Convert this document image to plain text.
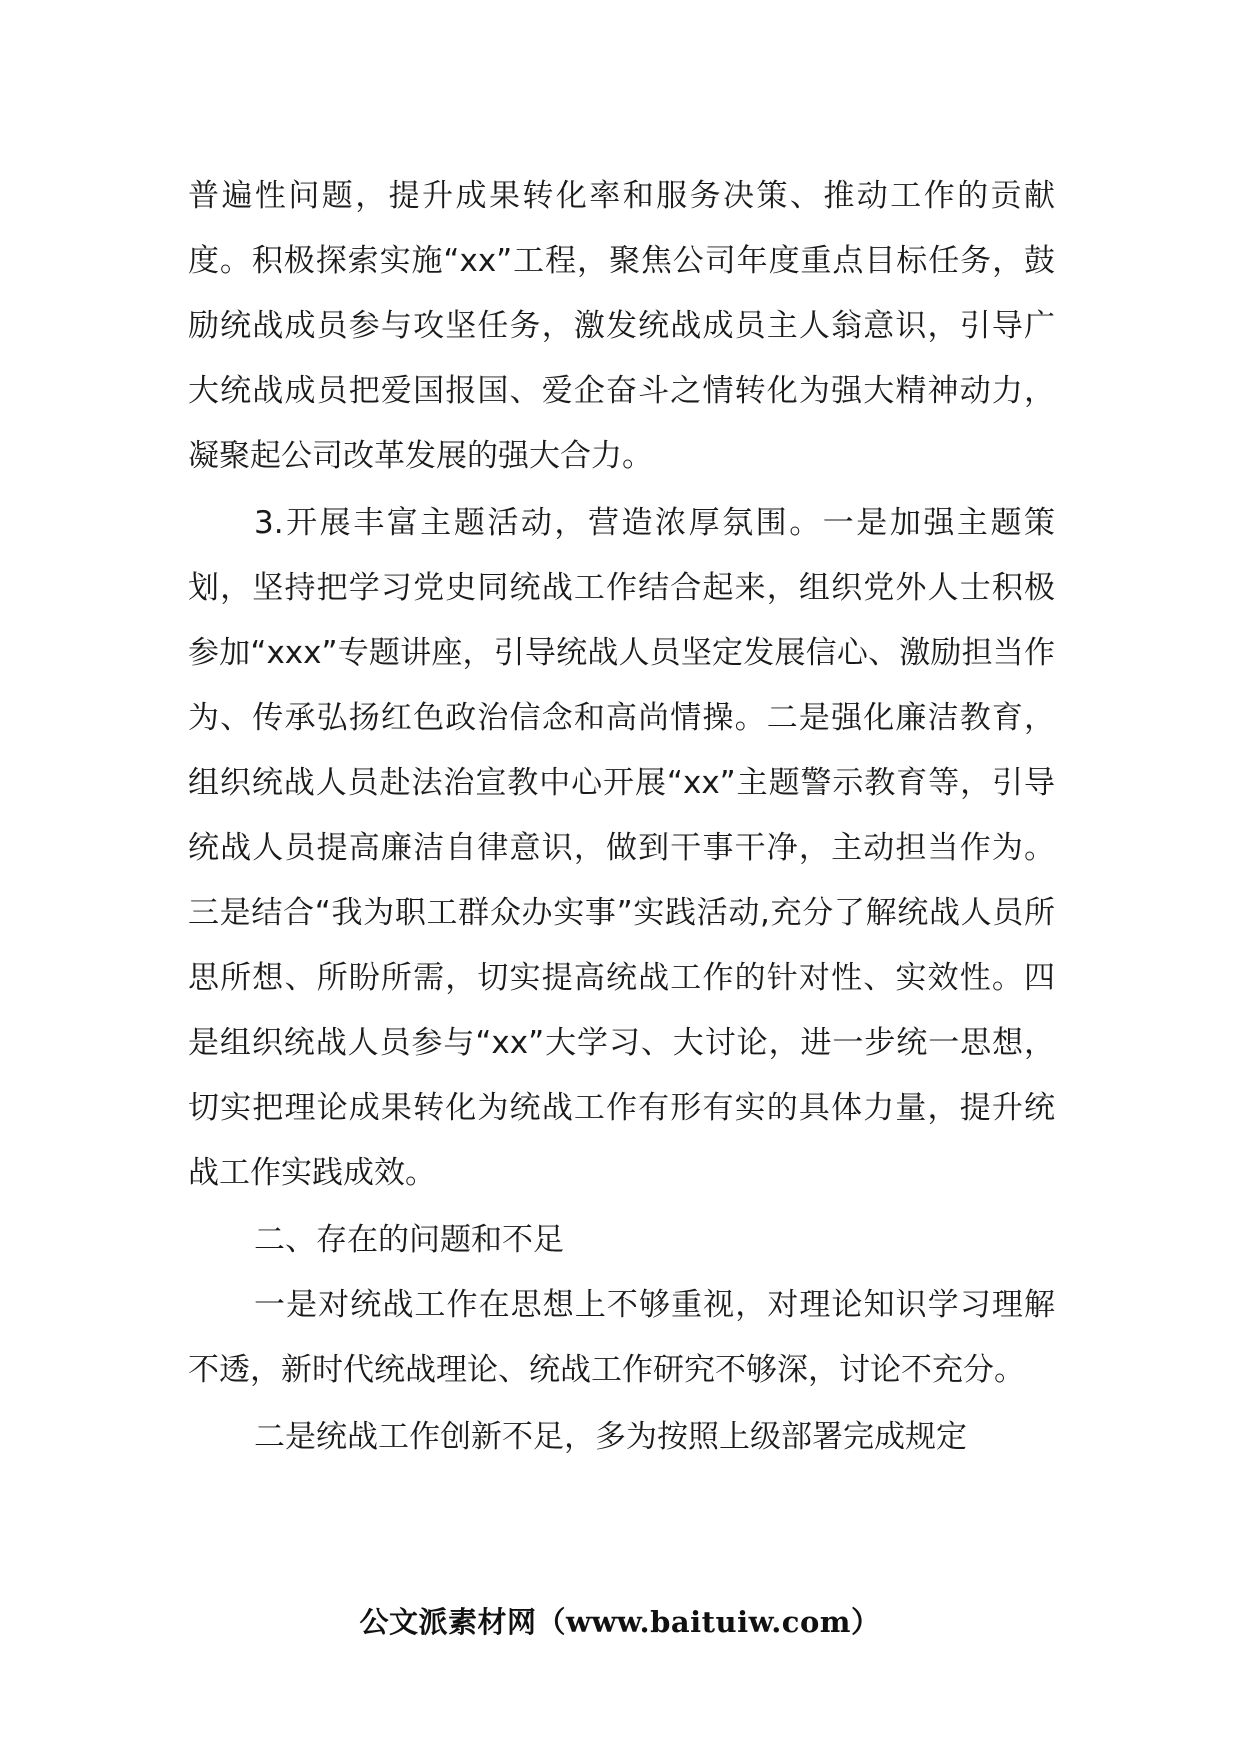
普遍性问题，提升成果转化率和服务决策、推动工作的贡献度。积极探索实施“xx”工程，聚焦公司年度重点目标任务，鼓励统战成员参与攻坚任务，激发统战成员主人翁意识，引导广大统战成员把爱国报国、爱企奋斗之情转化为强大精神动力，凝聚起公司改革发展的强大合力。

3.开展丰富主题活动，营造浓厚氛围。一是加强主题策划，坚持把学习党史同统战工作结合起来，组织党外人士积极参加“xxx”专题讲座，引导统战人员坚定发展信心、激励担当作为、传承弘扬红色政治信念和高尚情操。二是强化廉洁教育，组织统战人员赴法治宣教中心开展“xx”主题警示教育等，引导统战人员提高廉洁自律意识，做到干事干净，主动担当作为。三是结合“我为职工群众办实事”实践活动,充分了解统战人员所思所想、所盼所需，切实提高统战工作的针对性、实效性。四是组织统战人员参与“xx”大学习、大讨论，进一步统一思想，切实把理论成果转化为统战工作有形有实的具体力量，提升统战工作实践成效。

二、存在的问题和不足

一是对统战工作在思想上不够重视，对理论知识学习理解不透，新时代统战理论、统战工作研究不够深，讨论不充分。

二是统战工作创新不足，多为按照上级部署完成规定

公文派素材网（www.baituiw.com）
